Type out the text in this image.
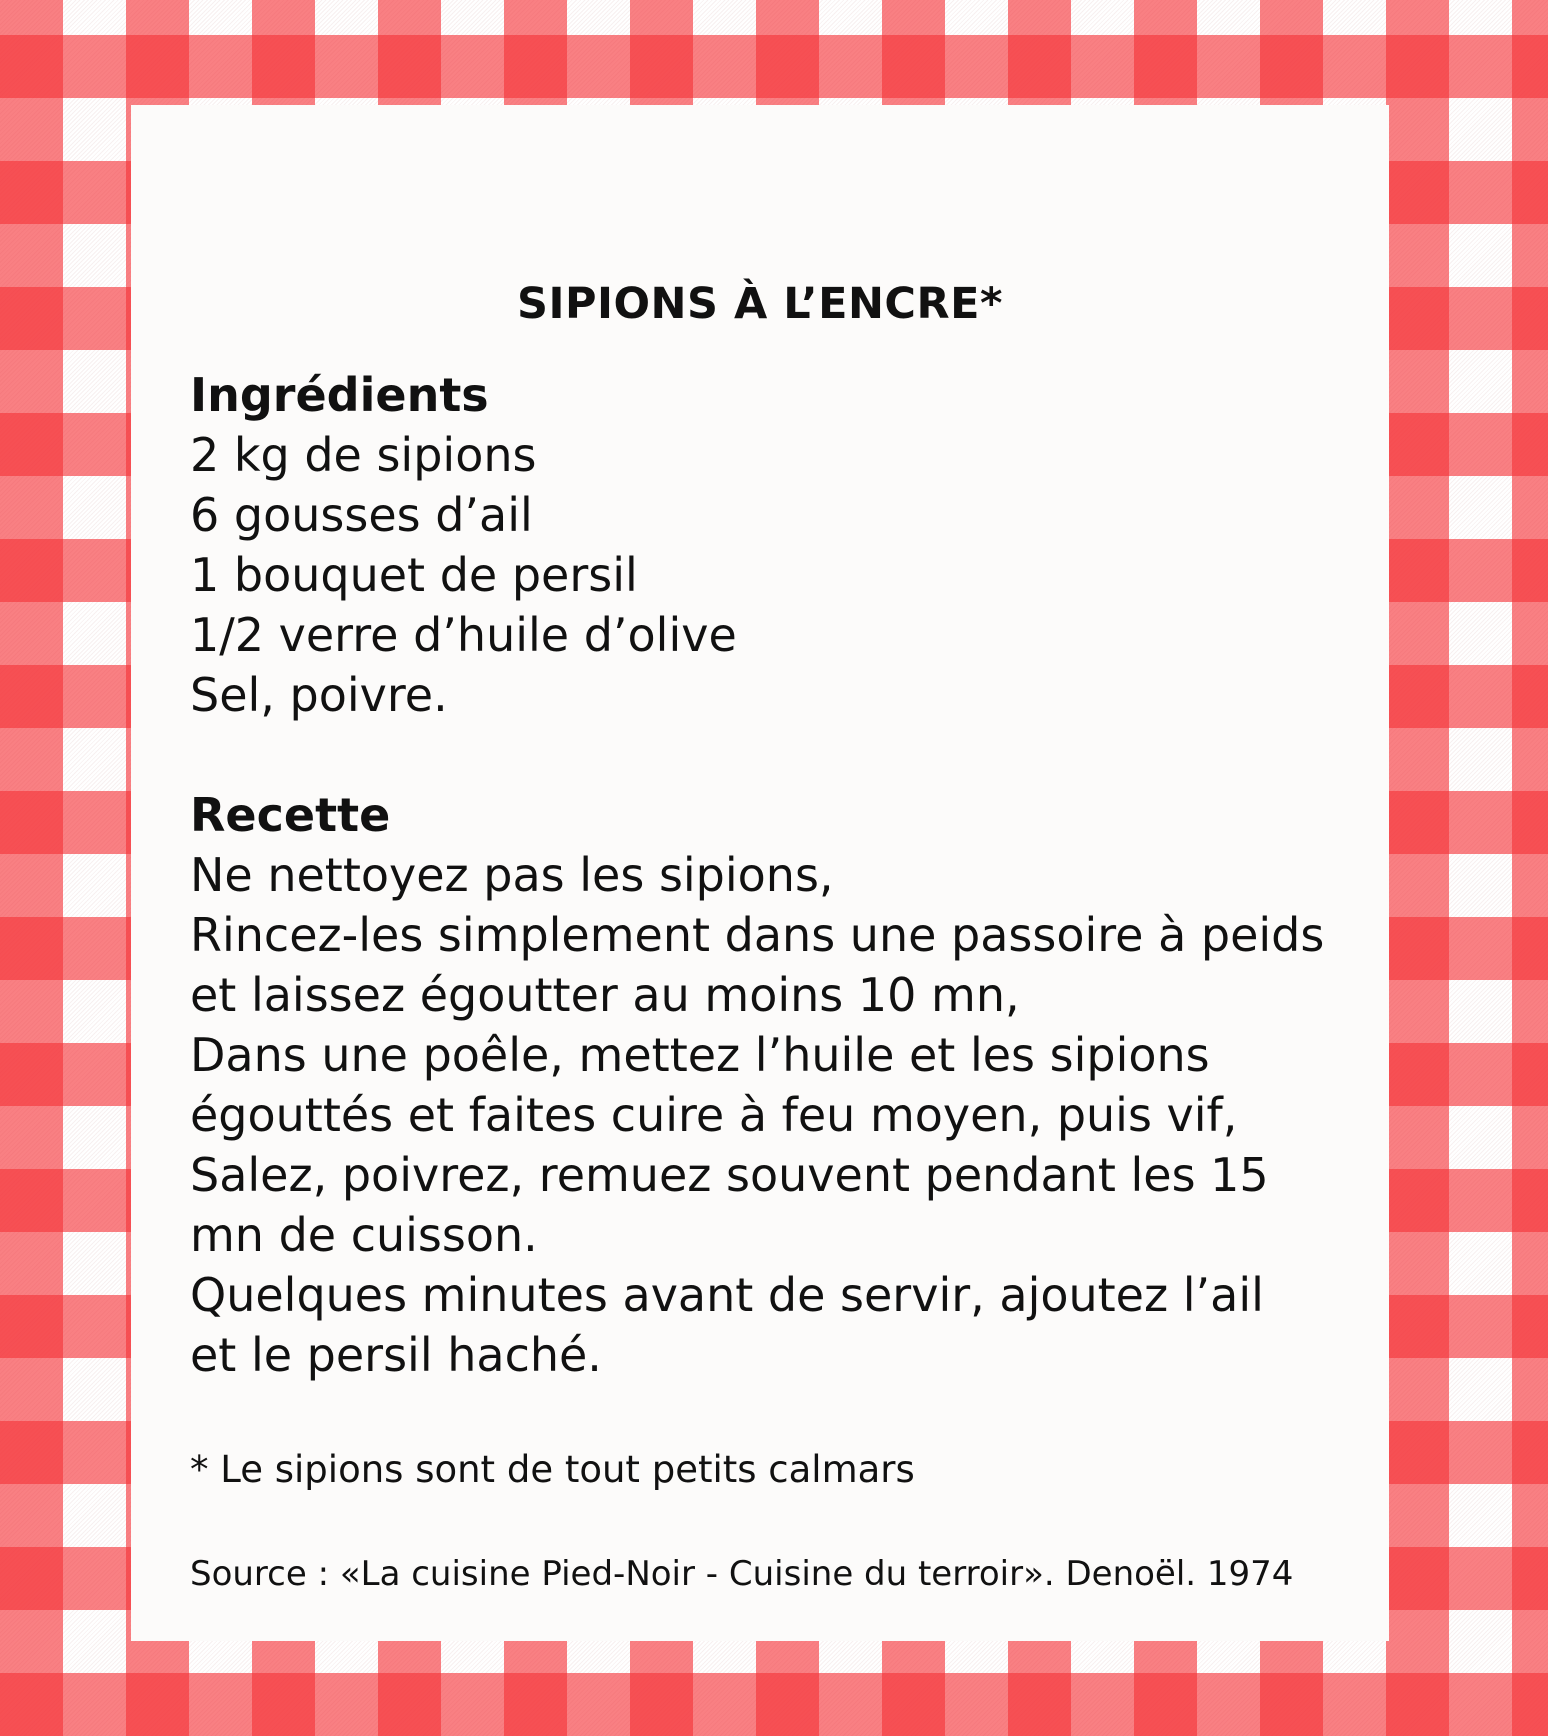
SIPIONS À L’ENCRE*

Ingrédients

2 kg de sipions

6 gousses d’ail

1 bouquet de persil

1/2 verre d’huile d’olive

Sel, poivre.

Recette

Ne nettoyez pas les sipions,

Rincez-les simplement dans une passoire à peids

et laissez égoutter au moins 10 mn,

Dans une poêle, mettez l’huile et les sipions

égouttés et faites cuire à feu moyen, puis vif,

Salez, poivrez, remuez souvent pendant les 15

mn de cuisson.

Quelques minutes avant de servir, ajoutez l’ail

et le persil haché.

* Le sipions sont de tout petits calmars

Source : «La cuisine Pied-Noir - Cuisine du terroir». Denoël. 1974
